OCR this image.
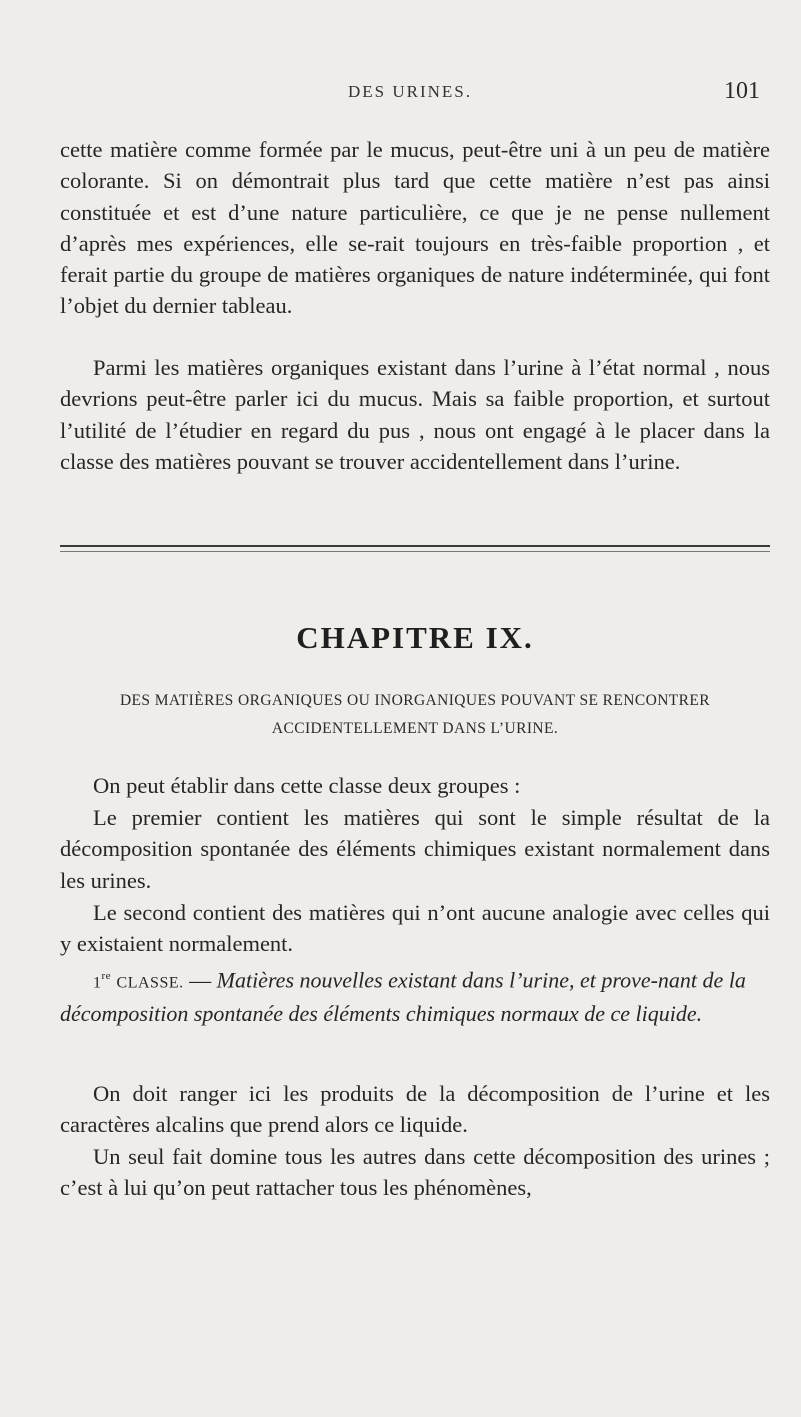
DES URINES.	101

cette matière comme formée par le mucus, peut-être uni à un peu de matière colorante. Si on démontrait plus tard que cette matière n’est pas ainsi constituée et est d’une nature particulière, ce que je ne pense nullement d’après mes expériences, elle se-rait toujours en très-faible proportion , et ferait partie du groupe de matières organiques de nature indéterminée, qui font l’objet du dernier tableau.

Parmi les matières organiques existant dans l’urine à l’état normal , nous devrions peut-être parler ici du mucus. Mais sa faible proportion, et surtout l’utilité de l’étudier en regard du pus , nous ont engagé à le placer dans la classe des matières pouvant se trouver accidentellement dans l’urine.

CHAPITRE IX.

DES MATIÈRES ORGANIQUES OU INORGANIQUES POUVANT SE RENCONTRER

ACCIDENTELLEMENT DANS L’URINE.

On peut établir dans cette classe deux groupes :

Le premier contient les matières qui sont le simple résultat de la décomposition spontanée des éléments chimiques existant normalement dans les urines.

Le second contient des matières qui n’ont aucune analogie avec celles qui y existaient normalement.

1re CLASSE. — Matières nouvelles existant dans l’urine, et prove-nant de la décomposition spontanée des éléments chimiques normaux de ce liquide.

On doit ranger ici les produits de la décomposition de l’urine et les caractères alcalins que prend alors ce liquide.

Un seul fait domine tous les autres dans cette décomposition des urines ; c’est à lui qu’on peut rattacher tous les phénomènes,
